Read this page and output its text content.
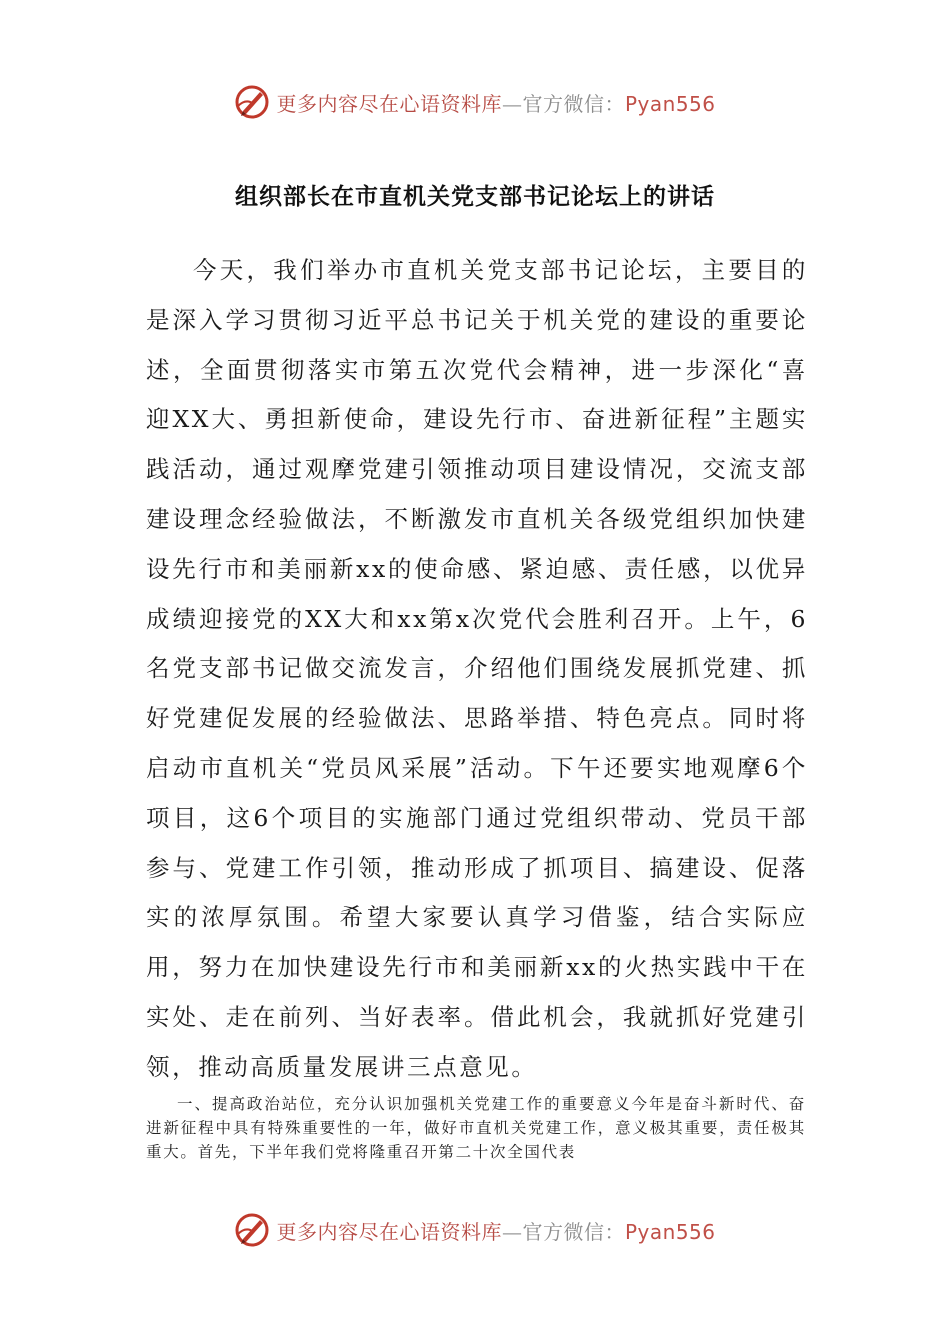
更多内容尽在心语资料库—官方微信：Pyan556
组织部长在市直机关党支部书记论坛上的讲话

今天，我们举办市直机关党支部书记论坛，主要目的是深入学习贯彻习近平总书记关于机关党的建设的重要论述，全面贯彻落实市第五次党代会精神，进一步深化“喜迎XX大、勇担新使命，建设先行市、奋进新征程”主题实践活动，通过观摩党建引领推动项目建设情况，交流支部建设理念经验做法，不断激发市直机关各级党组织加快建设先行市和美丽新xx的使命感、紧迫感、责任感，以优异成绩迎接党的XX大和xx第x次党代会胜利召开。上午，6名党支部书记做交流发言，介绍他们围绕发展抓党建、抓好党建促发展的经验做法、思路举措、特色亮点。同时将启动市直机关“党员风采展”活动。下午还要实地观摩6个项目，这6个项目的实施部门通过党组织带动、党员干部参与、党建工作引领，推动形成了抓项目、搞建设、促落实的浓厚氛围。希望大家要认真学习借鉴，结合实际应用，努力在加快建设先行市和美丽新xx的火热实践中干在实处、走在前列、当好表率。借此机会，我就抓好党建引领，推动高质量发展讲三点意见。

一、提高政治站位，充分认识加强机关党建工作的重要意义今年是奋斗新时代、奋进新征程中具有特殊重要性的一年，做好市直机关党建工作，意义极其重要，责任极其重大。首先，下半年我们党将隆重召开第二十次全国代表

更多内容尽在心语资料库—官方微信：Pyan556
